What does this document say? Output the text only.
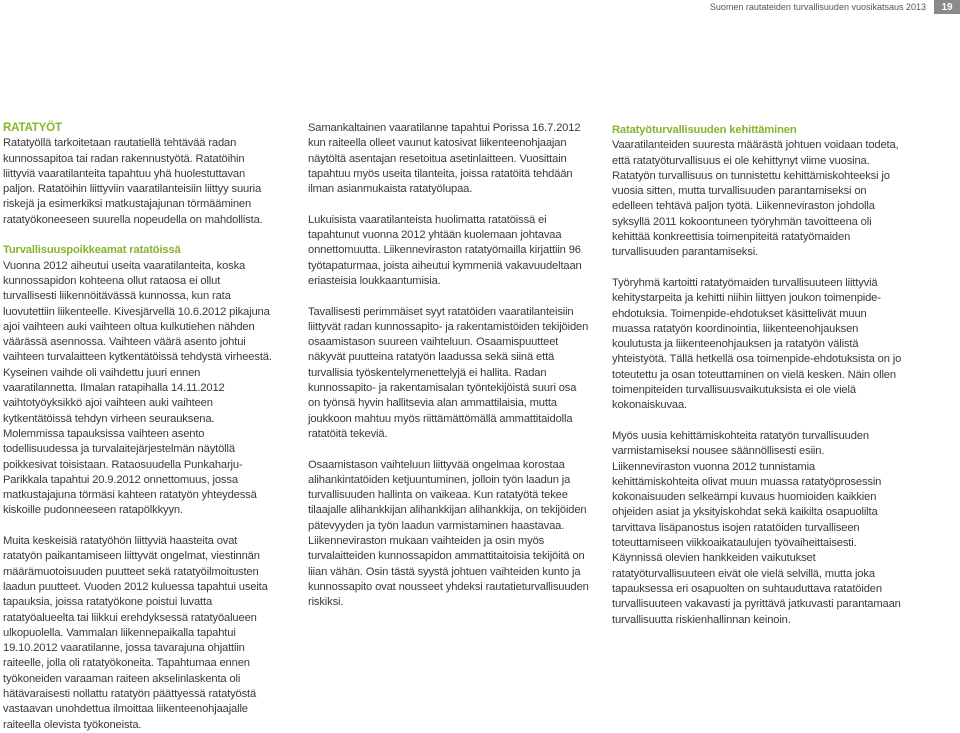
Suomen rautateiden turvallisuuden vuosikatsaus 2013	19
RATATYÖT

Ratatyöllä tarkoitetaan rautatiellä tehtävää radan kunnossapitoa tai radan rakennustyötä. Ratatöihin liittyviä vaaratilanteita tapahtuu yhä huolestuttavan paljon. Ratatöihin liittyviin vaaratilanteisiin liittyy suuria riskejä ja esimerkiksi matkustajajunan törmääminen ratatyökoneeseen suurella nopeudella on mahdollista.

Turvallisuuspoikkeamat ratatöissä

Vuonna 2012 aiheutui useita vaaratilanteita, koska kunnossapidon kohteena ollut rataosa ei ollut turvallisesti liikennöitävässä kunnossa, kun rata luovutettiin liikenteelle. Kivesjärvellä 10.6.2012 pikajuna ajoi vaihteen auki vaihteen oltua kulkutiehen nähden väärässä asennossa. Vaihteen väärä asento johtui vaihteen turvalaitteen kytkentätöissä tehdystä virheestä. Kyseinen vaihde oli vaihdettu juuri ennen vaaratilannetta. Ilmalan ratapihalla 14.11.2012 vaihtotyöyksikkö ajoi vaihteen auki vaihteen kytkentätöissä tehdyn virheen seurauksena. Molemmissa tapauksissa vaihteen asento todellisuudessa ja turvalaitejärjestelmän näytöllä poikkesivat toisistaan. Rataosuudella Punkaharju-Parikkala tapahtui 20.9.2012 onnettomuus, jossa matkustajajuna törmäsi kahteen ratatyön yhteydessä kiskoille pudonneeseen ratapölkkyyn.

Muita keskeisiä ratatyöhön liittyviä haasteita ovat ratatyön paikantamiseen liittyvät ongelmat, viestinnän määrämuotoisuuden puutteet sekä ratatyöilmoitusten laadun puutteet. Vuoden 2012 kuluessa tapahtui useita tapauksia, joissa ratatyökone poistui luvatta ratatyöalueelta tai liikkui erehdyksessä ratatyöalueen ulkopuolella. Vammalan liikennepaikalla tapahtui 19.10.2012 vaaratilanne, jossa tavarajuna ohjattiin raiteelle, jolla oli ratatyökoneita. Tapahtumaa ennen työkoneiden varaaman raiteen akselinlaskenta oli hätävaraisesti nollattu ratatyön päättyessä ratatyöstä vastaavan unohdettua ilmoittaa liikenteenohjaajalle raiteella olevista työkoneista.

Samankaltainen vaaratilanne tapahtui Porissa 16.7.2012 kun raiteella olleet vaunut katosivat liikenteenohjaajan näytöltä asentajan resetoitua asetinlaitteen. Vuosittain tapahtuu myös useita tilanteita, joissa ratatöitä tehdään ilman asianmukaista ratatyölupaa.

Lukuisista vaaratilanteista huolimatta ratatöissä ei tapahtunut vuonna 2012 yhtään kuolemaan johtavaa onnettomuutta. Liikenneviraston ratatyömailla kirjattiin 96 työtapaturmaa, joista aiheutui kymmeniä vakavuudeltaan eriasteisia loukkaantumisia.

Tavallisesti perimmäiset syyt ratatöiden vaaratilanteisiin liittyvät radan kunnossapito- ja rakentamistöiden tekijöiden osaamistason suureen vaihteluun. Osaamispuutteet näkyvät puutteina ratatyön laadussa sekä siinä että turvallisia työskentelymenettelyjä ei hallita. Radan kunnossapito- ja rakentamisalan työntekijöistä suuri osa on työnsä hyvin hallitsevia alan ammattilaisia, mutta joukkoon mahtuu myös riittämättömällä ammattitaidolla ratatöitä tekeviä.

Osaamistason vaihteluun liittyvää ongelmaa korostaa alihankintatöiden ketjuuntuminen, jolloin työn laadun ja turvallisuuden hallinta on vaikeaa. Kun ratatyötä tekee tilaajalle alihankkijan alihankkijan alihankkija, on tekijöiden pätevyyden ja työn laadun varmistaminen haastavaa. Liikenneviraston mukaan vaihteiden ja osin myös turvalaitteiden kunnossapidon ammattitaitoisia tekijöitä on liian vähän. Osin tästä syystä johtuen vaihteiden kunto ja kunnossapito ovat nousseet yhdeksi rautatieturvallisuuden riskiksi.

Ratatyöturvallisuuden kehittäminen

Vaaratilanteiden suuresta määrästä johtuen voidaan todeta, että ratatyöturvallisuus ei ole kehittynyt viime vuosina. Ratatyön turvallisuus on tunnistettu kehittämiskohteeksi jo vuosia sitten, mutta turvallisuuden parantamiseksi on edelleen tehtävä paljon työtä. Liikenneviraston johdolla syksyllä 2011 kokoontuneen työryhmän tavoitteena oli kehittää konkreettisia toimenpiteitä ratatyömaiden turvallisuuden parantamiseksi.

Työryhmä kartoitti ratatyömaiden turvallisuuteen liittyviä kehitystarpeita ja kehitti niihin liittyen joukon toimenpide-ehdotuksia. Toimenpide-ehdotukset käsittelivät muun muassa ratatyön koordinointia, liikenteenohjauksen koulutusta ja liikenteenohjauksen ja ratatyön välistä yhteistyötä. Tällä hetkellä osa toimenpide-ehdotuksista on jo toteutettu ja osan toteuttaminen on vielä kesken. Näin ollen toimenpiteiden turvallisuusvaikutuksista ei ole vielä kokonaiskuvaa.

Myös uusia kehittämiskohteita ratatyön turvallisuuden varmistamiseksi nousee säännöllisesti esiin. Liikenneviraston vuonna 2012 tunnistamia kehittämiskohteita olivat muun muassa ratatyöprosessin kokonaisuuden selkeämpi kuvaus huomioiden kaikkien ohjeiden asiat ja yksityiskohdat sekä kaikilta osapuolilta tarvittava lisäpanostus isojen ratatöiden turvalliseen toteuttamiseen viikkoaikataulujen työvaiheittaisesti. Käynnissä olevien hankkeiden vaikutukset ratatyöturvallisuuteen eivät ole vielä selvillä, mutta joka tapauksessa eri osapuolten on suhtauduttava ratatöiden turvallisuuteen vakavasti ja pyrittävä jatkuvasti parantamaan turvallisuutta riskienhallinnan keinoin.
